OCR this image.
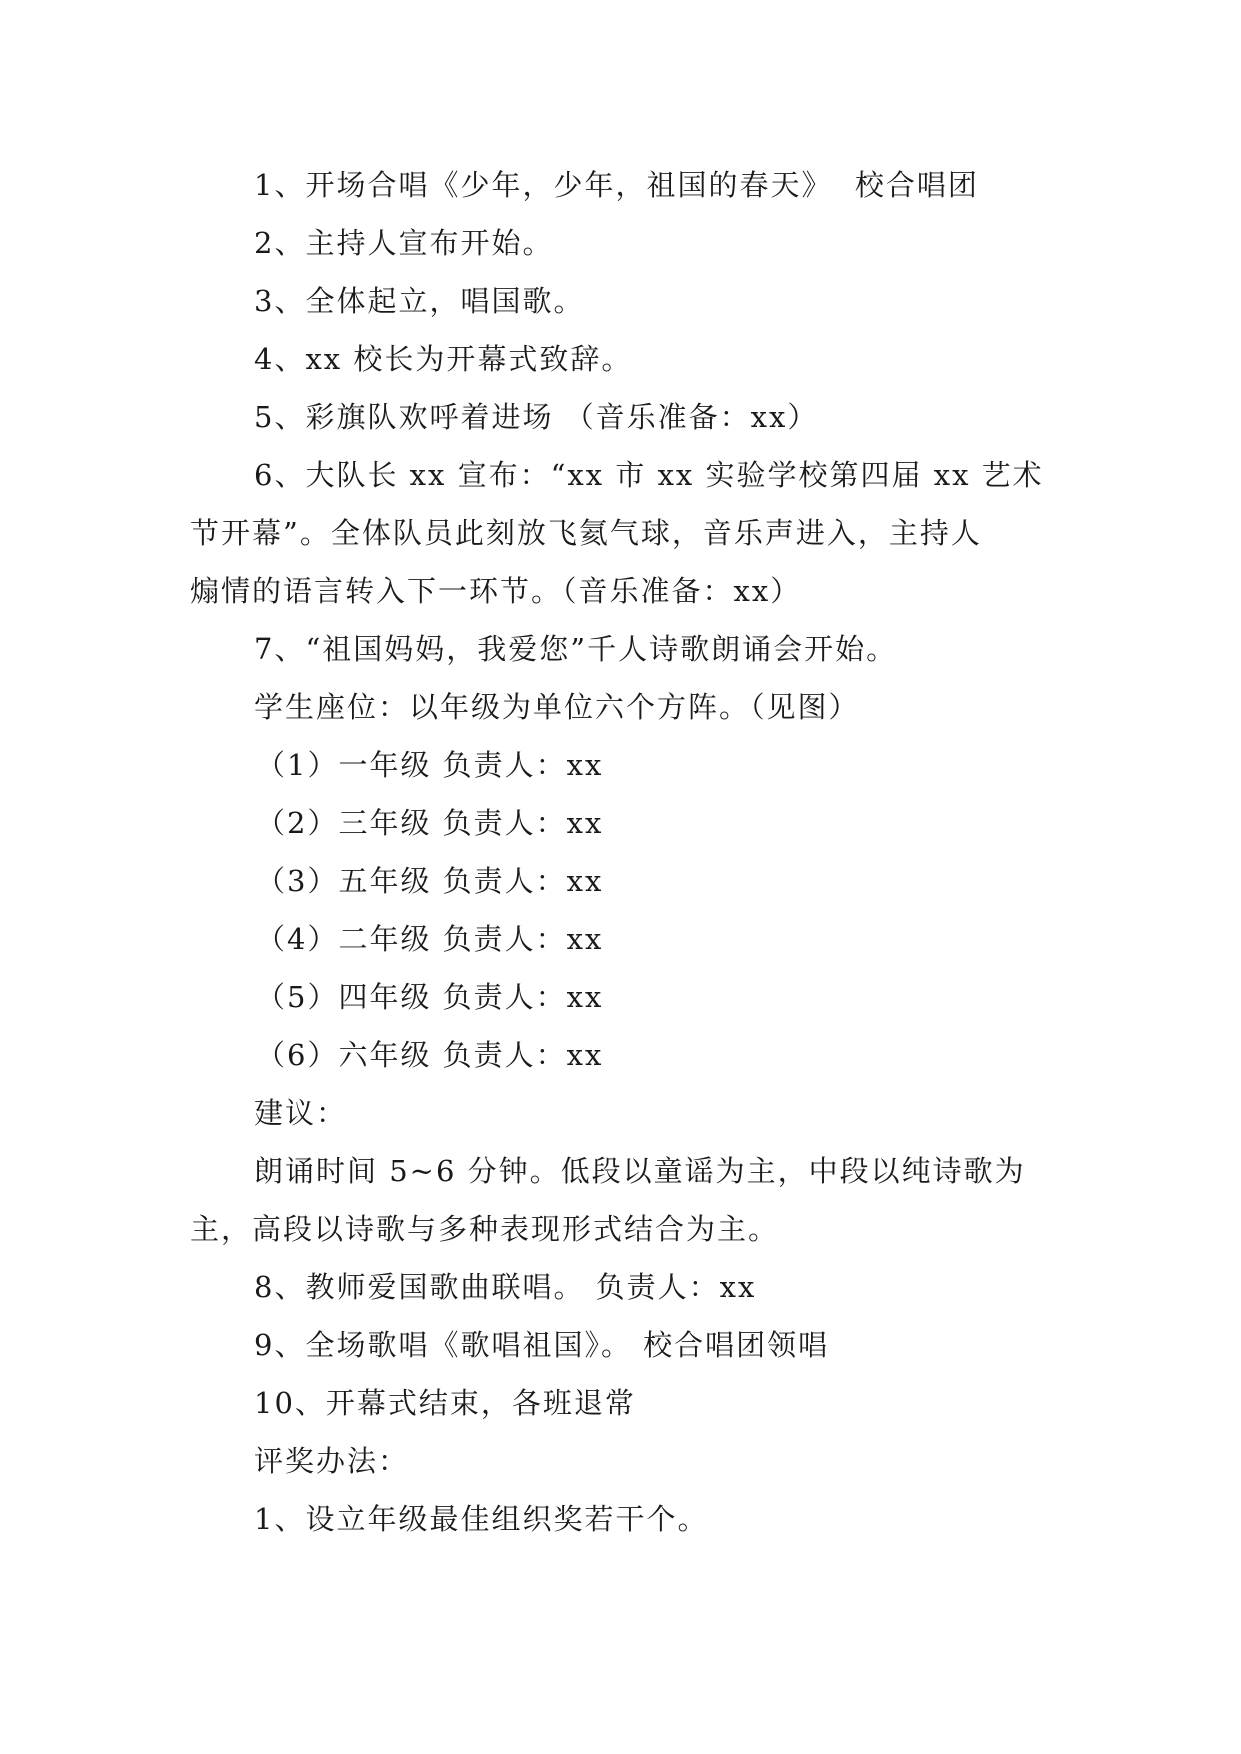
1、开场合唱《少年，少年，祖国的春天》  校合唱团
2、主持人宣布开始。
3、全体起立，唱国歌。
4、xx 校长为开幕式致辞。
5、彩旗队欢呼着进场 （音乐准备：xx）
6、大队长 xx 宣布：“xx 市 xx 实验学校第四届 xx 艺术
节开幕”。全体队员此刻放飞氦气球，音乐声进入，主持人
煽情的语言转入下一环节。（音乐准备：xx）
7、“祖国妈妈，我爱您”千人诗歌朗诵会开始。
学生座位：以年级为单位六个方阵。（见图）
（1）一年级 负责人：xx
（2）三年级 负责人：xx
（3）五年级 负责人：xx
（4）二年级 负责人：xx
（5）四年级 负责人：xx
（6）六年级 负责人：xx
建议：
朗诵时间 5~6 分钟。低段以童谣为主，中段以纯诗歌为
主，高段以诗歌与多种表现形式结合为主。
8、教师爱国歌曲联唱。 负责人：xx
9、全场歌唱《歌唱祖国》。 校合唱团领唱
10、开幕式结束，各班退常
评奖办法：
1、设立年级最佳组织奖若干个。
